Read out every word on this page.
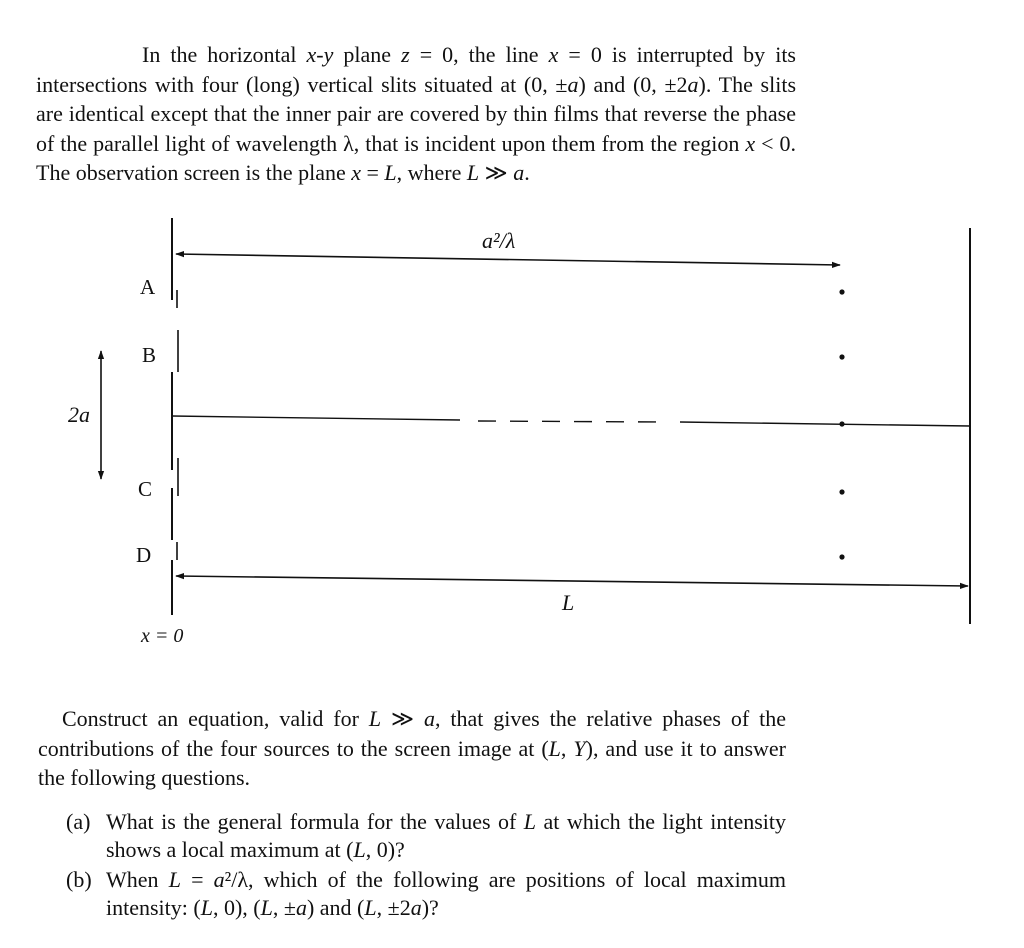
In the horizontal x-y plane z = 0, the line x = 0 is interrupted by its intersections with four (long) vertical slits situated at (0, ±a) and (0, ±2a). The slits are identical except that the inner pair are covered by thin films that reverse the phase of the parallel light of wavelength λ, that is incident upon them from the region x < 0. The observation screen is the plane x = L, where L ≫ a.

A
B
C
D
2a
a²/λ
L
x = 0

Construct an equation, valid for L ≫ a, that gives the relative phases of the contributions of the four sources to the screen image at (L, Y), and use it to answer the following questions.

(a) What is the general formula for the values of L at which the light intensity shows a local maximum at (L, 0)?
(b) When L = a²/λ, which of the following are positions of local maximum intensity: (L, 0), (L, ±a) and (L, ±2a)?
